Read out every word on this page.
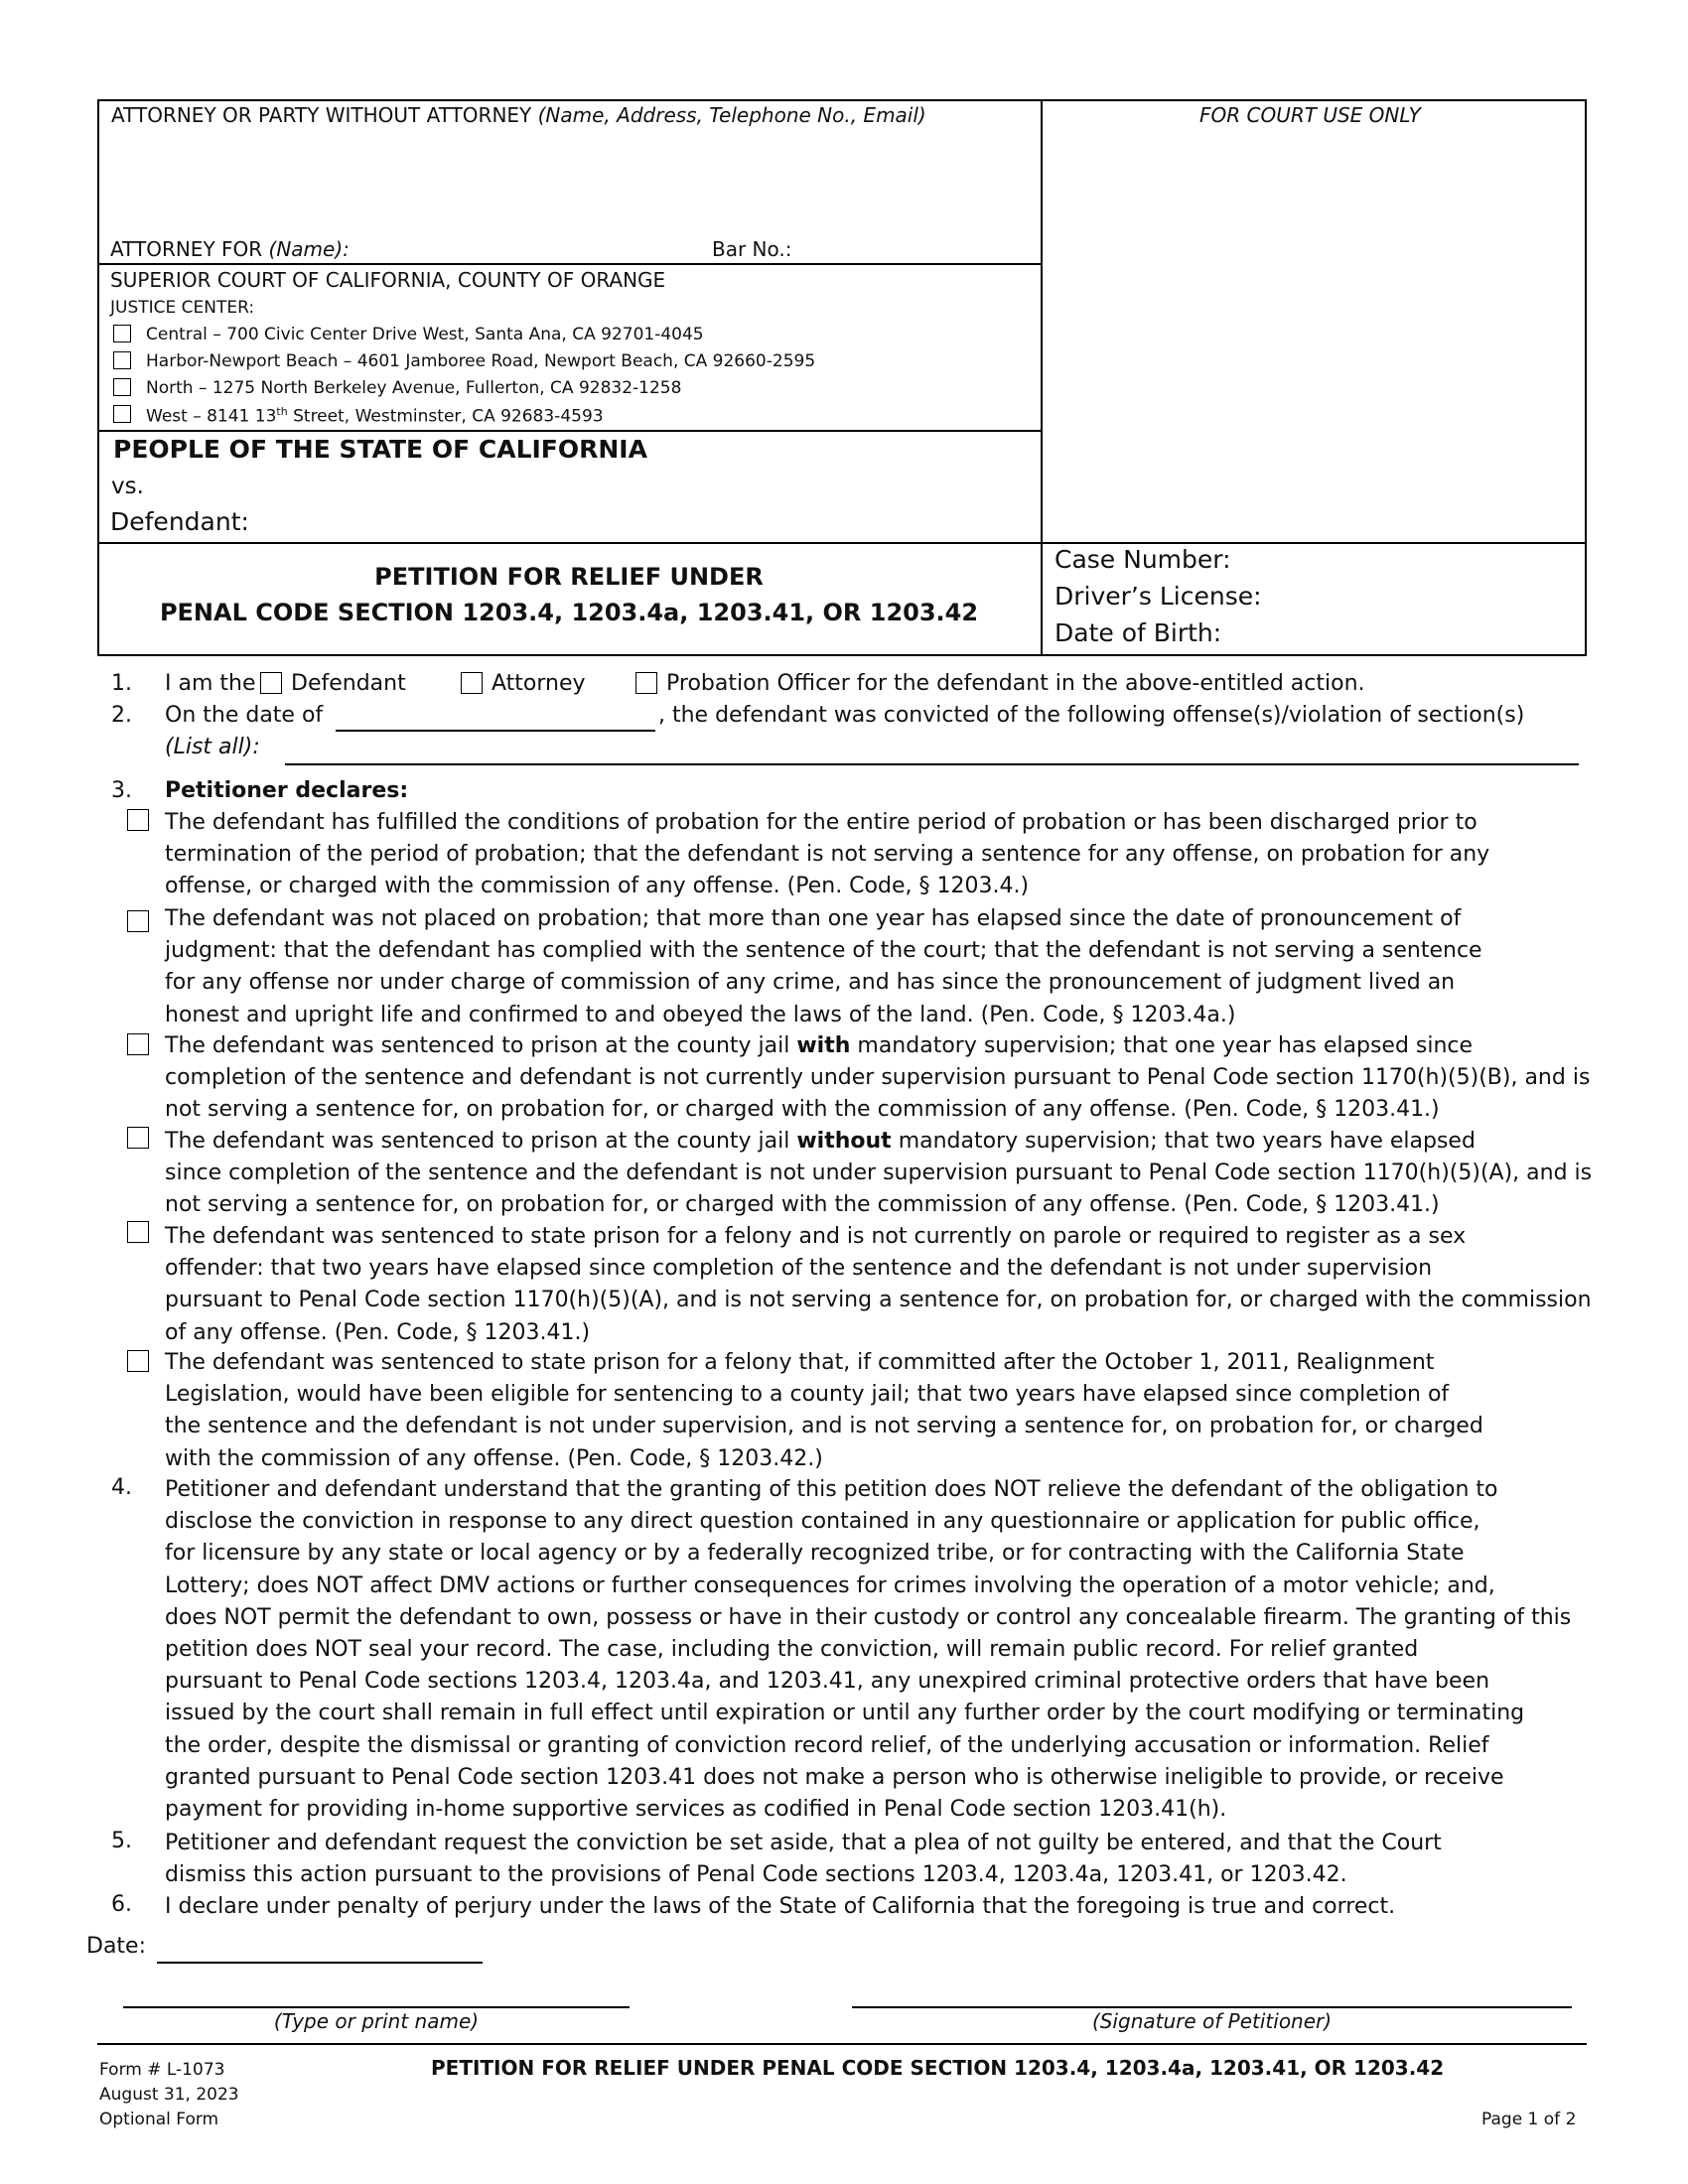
ATTORNEY OR PARTY WITHOUT ATTORNEY (Name, Address, Telephone No., Email)	FOR COURT USE ONLY
ATTORNEY FOR (Name):	Bar No.:
SUPERIOR COURT OF CALIFORNIA, COUNTY OF ORANGE
JUSTICE CENTER:
Central – 700 Civic Center Drive West, Santa Ana, CA 92701-4045
Harbor-Newport Beach – 4601 Jamboree Road, Newport Beach, CA 92660-2595
North – 1275 North Berkeley Avenue, Fullerton, CA 92832-1258
West – 8141 13th Street, Westminster, CA 92683-4593
PEOPLE OF THE STATE OF CALIFORNIA
vs.
Defendant:
PETITION FOR RELIEF UNDER
PENAL CODE SECTION 1203.4, 1203.4a, 1203.41, OR 1203.42
Case Number:
Driver’s License:
Date of Birth:
1. I am the Defendant	Attorney	Probation Officer for the defendant in the above-entitled action.
2. On the date of	, the defendant was convicted of the following offense(s)/violation of section(s)
(List all):
3. Petitioner declares:
The defendant has fulfilled the conditions of probation for the entire period of probation or has been discharged prior to
termination of the period of probation; that the defendant is not serving a sentence for any offense, on probation for any
offense, or charged with the commission of any offense. (Pen. Code, § 1203.4.)
The defendant was not placed on probation; that more than one year has elapsed since the date of pronouncement of
judgment: that the defendant has complied with the sentence of the court; that the defendant is not serving a sentence
for any offense nor under charge of commission of any crime, and has since the pronouncement of judgment lived an
honest and upright life and confirmed to and obeyed the laws of the land. (Pen. Code, § 1203.4a.)
The defendant was sentenced to prison at the county jail with mandatory supervision; that one year has elapsed since
completion of the sentence and defendant is not currently under supervision pursuant to Penal Code section 1170(h)(5)(B), and is
not serving a sentence for, on probation for, or charged with the commission of any offense. (Pen. Code, § 1203.41.)
The defendant was sentenced to prison at the county jail without mandatory supervision; that two years have elapsed
since completion of the sentence and the defendant is not under supervision pursuant to Penal Code section 1170(h)(5)(A), and is
not serving a sentence for, on probation for, or charged with the commission of any offense. (Pen. Code, § 1203.41.)
The defendant was sentenced to state prison for a felony and is not currently on parole or required to register as a sex
offender: that two years have elapsed since completion of the sentence and the defendant is not under supervision
pursuant to Penal Code section 1170(h)(5)(A), and is not serving a sentence for, on probation for, or charged with the commission
of any offense. (Pen. Code, § 1203.41.)
The defendant was sentenced to state prison for a felony that, if committed after the October 1, 2011, Realignment
Legislation, would have been eligible for sentencing to a county jail; that two years have elapsed since completion of
the sentence and the defendant is not under supervision, and is not serving a sentence for, on probation for, or charged
with the commission of any offense. (Pen. Code, § 1203.42.)
4. Petitioner and defendant understand that the granting of this petition does NOT relieve the defendant of the obligation to
disclose the conviction in response to any direct question contained in any questionnaire or application for public office,
for licensure by any state or local agency or by a federally recognized tribe, or for contracting with the California State
Lottery; does NOT affect DMV actions or further consequences for crimes involving the operation of a motor vehicle; and,
does NOT permit the defendant to own, possess or have in their custody or control any concealable firearm. The granting of this
petition does NOT seal your record. The case, including the conviction, will remain public record. For relief granted
pursuant to Penal Code sections 1203.4, 1203.4a, and 1203.41, any unexpired criminal protective orders that have been
issued by the court shall remain in full effect until expiration or until any further order by the court modifying or terminating
the order, despite the dismissal or granting of conviction record relief, of the underlying accusation or information. Relief
granted pursuant to Penal Code section 1203.41 does not make a person who is otherwise ineligible to provide, or receive
payment for providing in-home supportive services as codified in Penal Code section 1203.41(h).
5. Petitioner and defendant request the conviction be set aside, that a plea of not guilty be entered, and that the Court
dismiss this action pursuant to the provisions of Penal Code sections 1203.4, 1203.4a, 1203.41, or 1203.42.
6. I declare under penalty of perjury under the laws of the State of California that the foregoing is true and correct.
Date:
(Type or print name)	(Signature of Petitioner)
Form # L-1073
August 31, 2023
Optional Form
PETITION FOR RELIEF UNDER PENAL CODE SECTION 1203.4, 1203.4a, 1203.41, OR 1203.42
Page 1 of 2
